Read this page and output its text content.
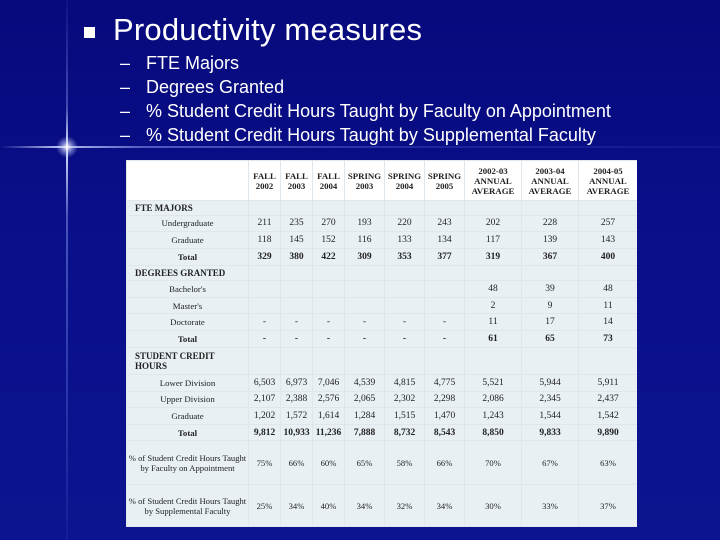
Productivity measures
– FTE Majors
– Degrees Granted
– % Student Credit Hours Taught by Faculty on Appointment
– % Student Credit Hours Taught by Supplemental Faculty
	FALL 2002	FALL 2003	FALL 2004	SPRING 2003	SPRING 2004	SPRING 2005	2002-03 ANNUAL AVERAGE	2003-04 ANNUAL AVERAGE	2004-05 ANNUAL AVERAGE
FTE MAJORS									
Undergraduate	211	235	270	193	220	243	202	228	257
Graduate	118	145	152	116	133	134	117	139	143
Total	329	380	422	309	353	377	319	367	400
DEGREES GRANTED									
Bachelor's							48	39	48
Master's							2	9	11
Doctorate	-	-	-	-	-	-	11	17	14
Total	-	-	-	-	-	-	61	65	73
STUDENT CREDIT HOURS									
Lower Division	6,503	6,973	7,046	4,539	4,815	4,775	5,521	5,944	5,911
Upper Division	2,107	2,388	2,576	2,065	2,302	2,298	2,086	2,345	2,437
Graduate	1,202	1,572	1,614	1,284	1,515	1,470	1,243	1,544	1,542
Total	9,812	10,933	11,236	7,888	8,732	8,543	8,850	9,833	9,890
% of Student Credit Hours Taught by Faculty on Appointment	75%	66%	60%	65%	58%	66%	70%	67%	63%
% of Student Credit Hours Taught by Supplemental Faculty	25%	34%	40%	34%	32%	34%	30%	33%	37%
